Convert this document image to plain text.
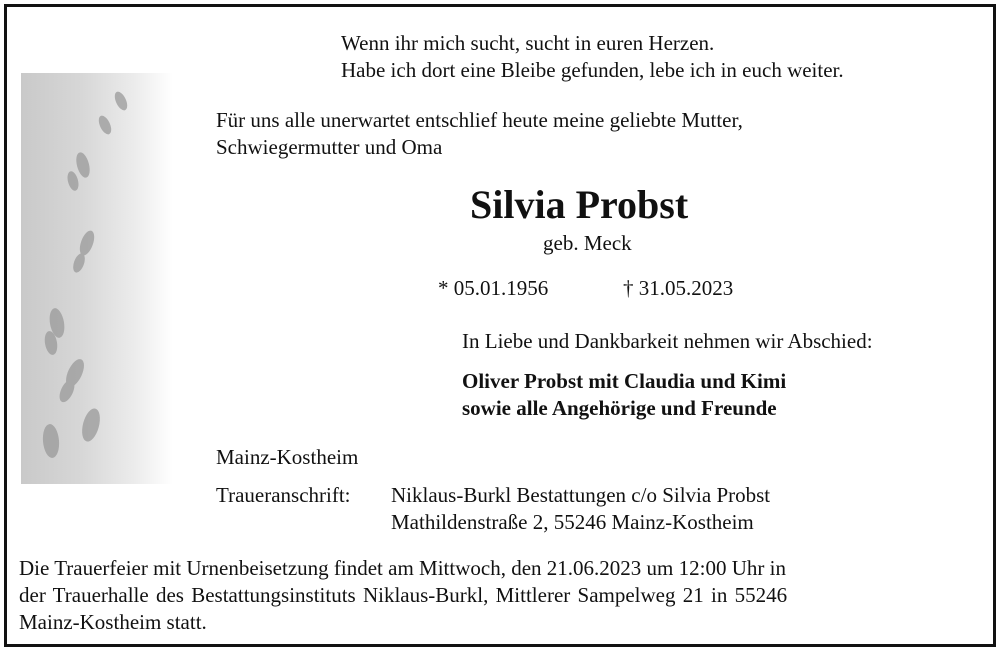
Wenn ihr mich sucht, sucht in euren Herzen.

Habe ich dort eine Bleibe gefunden, lebe ich in euch weiter.

Für uns alle unerwartet entschlief heute meine geliebte Mutter,

Schwiegermutter und Oma

Silvia Probst

geb. Meck

* 05.01.1956	† 31.05.2023

In Liebe und Dankbarkeit nehmen wir Abschied:

Oliver Probst mit Claudia und Kimi

sowie alle Angehörige und Freunde

Mainz-Kostheim

Traueranschrift: Niklaus-Burkl Bestattungen c/o Silvia Probst

Mathildenstraße 2, 55246 Mainz-Kostheim

Die Trauerfeier mit Urnenbeisetzung findet am Mittwoch, den 21.06.2023 um 12:00 Uhr in

der Trauerhalle des Bestattungsinstituts Niklaus-Burkl, Mittlerer Sampelweg 21 in 55246

Mainz-Kostheim statt.
